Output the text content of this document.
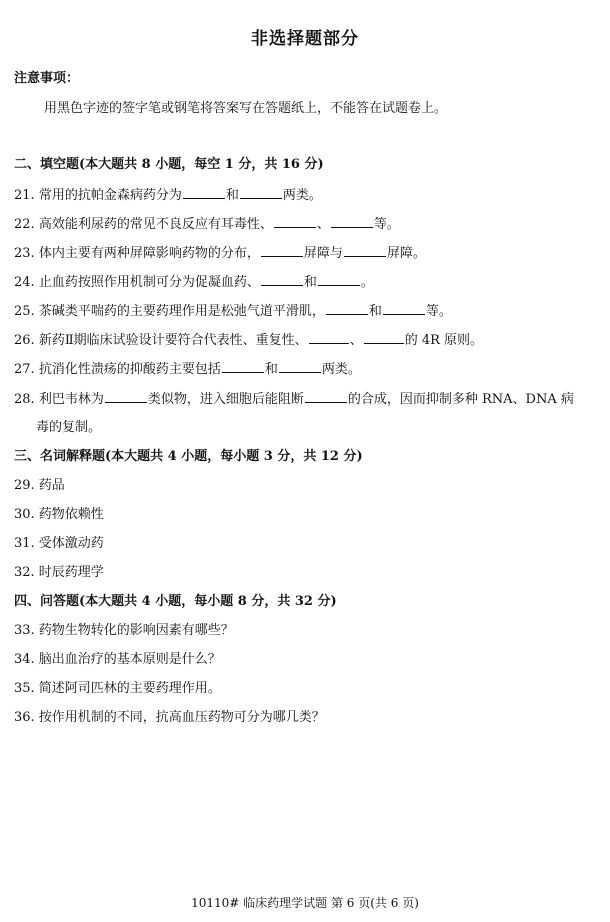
非选择题部分
注意事项：
用黑色字迹的签字笔或钢笔将答案写在答题纸上，不能答在试题卷上。
二、填空题(本大题共 8 小题，每空 1 分，共 16 分)
21. 常用的抗帕金森病药分为	和	两类。
22. 高效能利尿药的常见不良反应有耳毒性、	、	等。
23. 体内主要有两种屏障影响药物的分布，	屏障与	屏障。
24. 止血药按照作用机制可分为促凝血药、	和	。
25. 茶碱类平喘药的主要药理作用是松弛气道平滑肌，	和	等。
26. 新药Ⅱ期临床试验设计要符合代表性、重复性、	、	的 4R 原则。
27. 抗消化性溃疡的抑酸药主要包括	和	两类。
28. 利巴韦林为	类似物，进入细胞后能阻断	的合成，因而抑制多种 RNA、DNA 病
毒的复制。
三、名词解释题(本大题共 4 小题，每小题 3 分，共 12 分)
29. 药品
30. 药物依赖性
31. 受体激动药
32. 时辰药理学
四、问答题(本大题共 4 小题，每小题 8 分，共 32 分)
33. 药物生物转化的影响因素有哪些？
34. 脑出血治疗的基本原则是什么？
35. 简述阿司匹林的主要药理作用。
36. 按作用机制的不同，抗高血压药物可分为哪几类？
10110# 临床药理学试题 第 6 页(共 6 页)
